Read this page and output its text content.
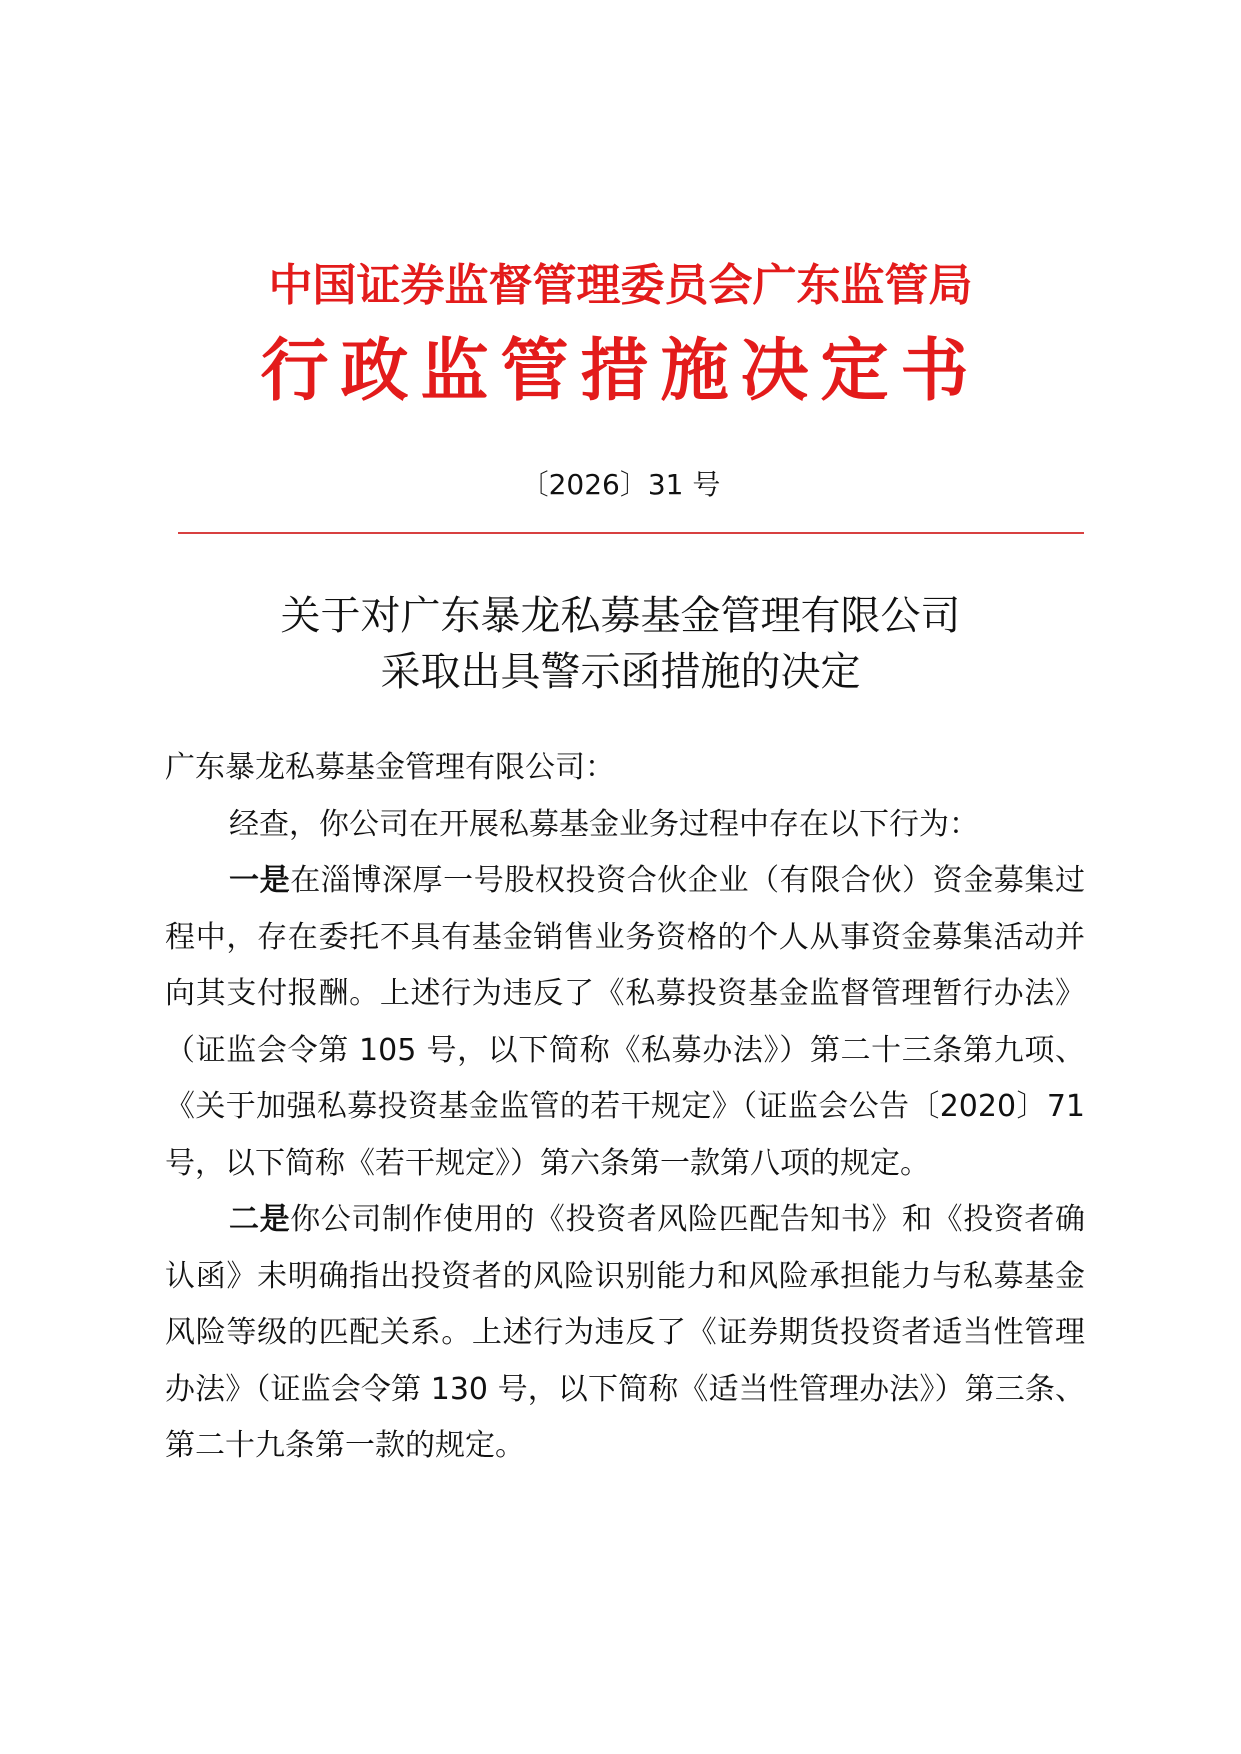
中国证券监督管理委员会广东监管局
行政监管措施决定书
〔2026〕31 号
关于对广东暴龙私募基金管理有限公司
采取出具警示函措施的决定

广东暴龙私募基金管理有限公司：

经查，你公司在开展私募基金业务过程中存在以下行为：

一是在淄博深厚一号股权投资合伙企业（有限合伙）资金募集过程中，存在委托不具有基金销售业务资格的个人从事资金募集活动并向其支付报酬。上述行为违反了《私募投资基金监督管理暂行办法》（证监会令第 105 号，以下简称《私募办法》）第二十三条第九项、《关于加强私募投资基金监管的若干规定》（证监会公告〔2020〕71 号，以下简称《若干规定》）第六条第一款第八项的规定。

二是你公司制作使用的《投资者风险匹配告知书》和《投资者确认函》未明确指出投资者的风险识别能力和风险承担能力与私募基金风险等级的匹配关系。上述行为违反了《证券期货投资者适当性管理办法》（证监会令第 130 号，以下简称《适当性管理办法》）第三条、第二十九条第一款的规定。
